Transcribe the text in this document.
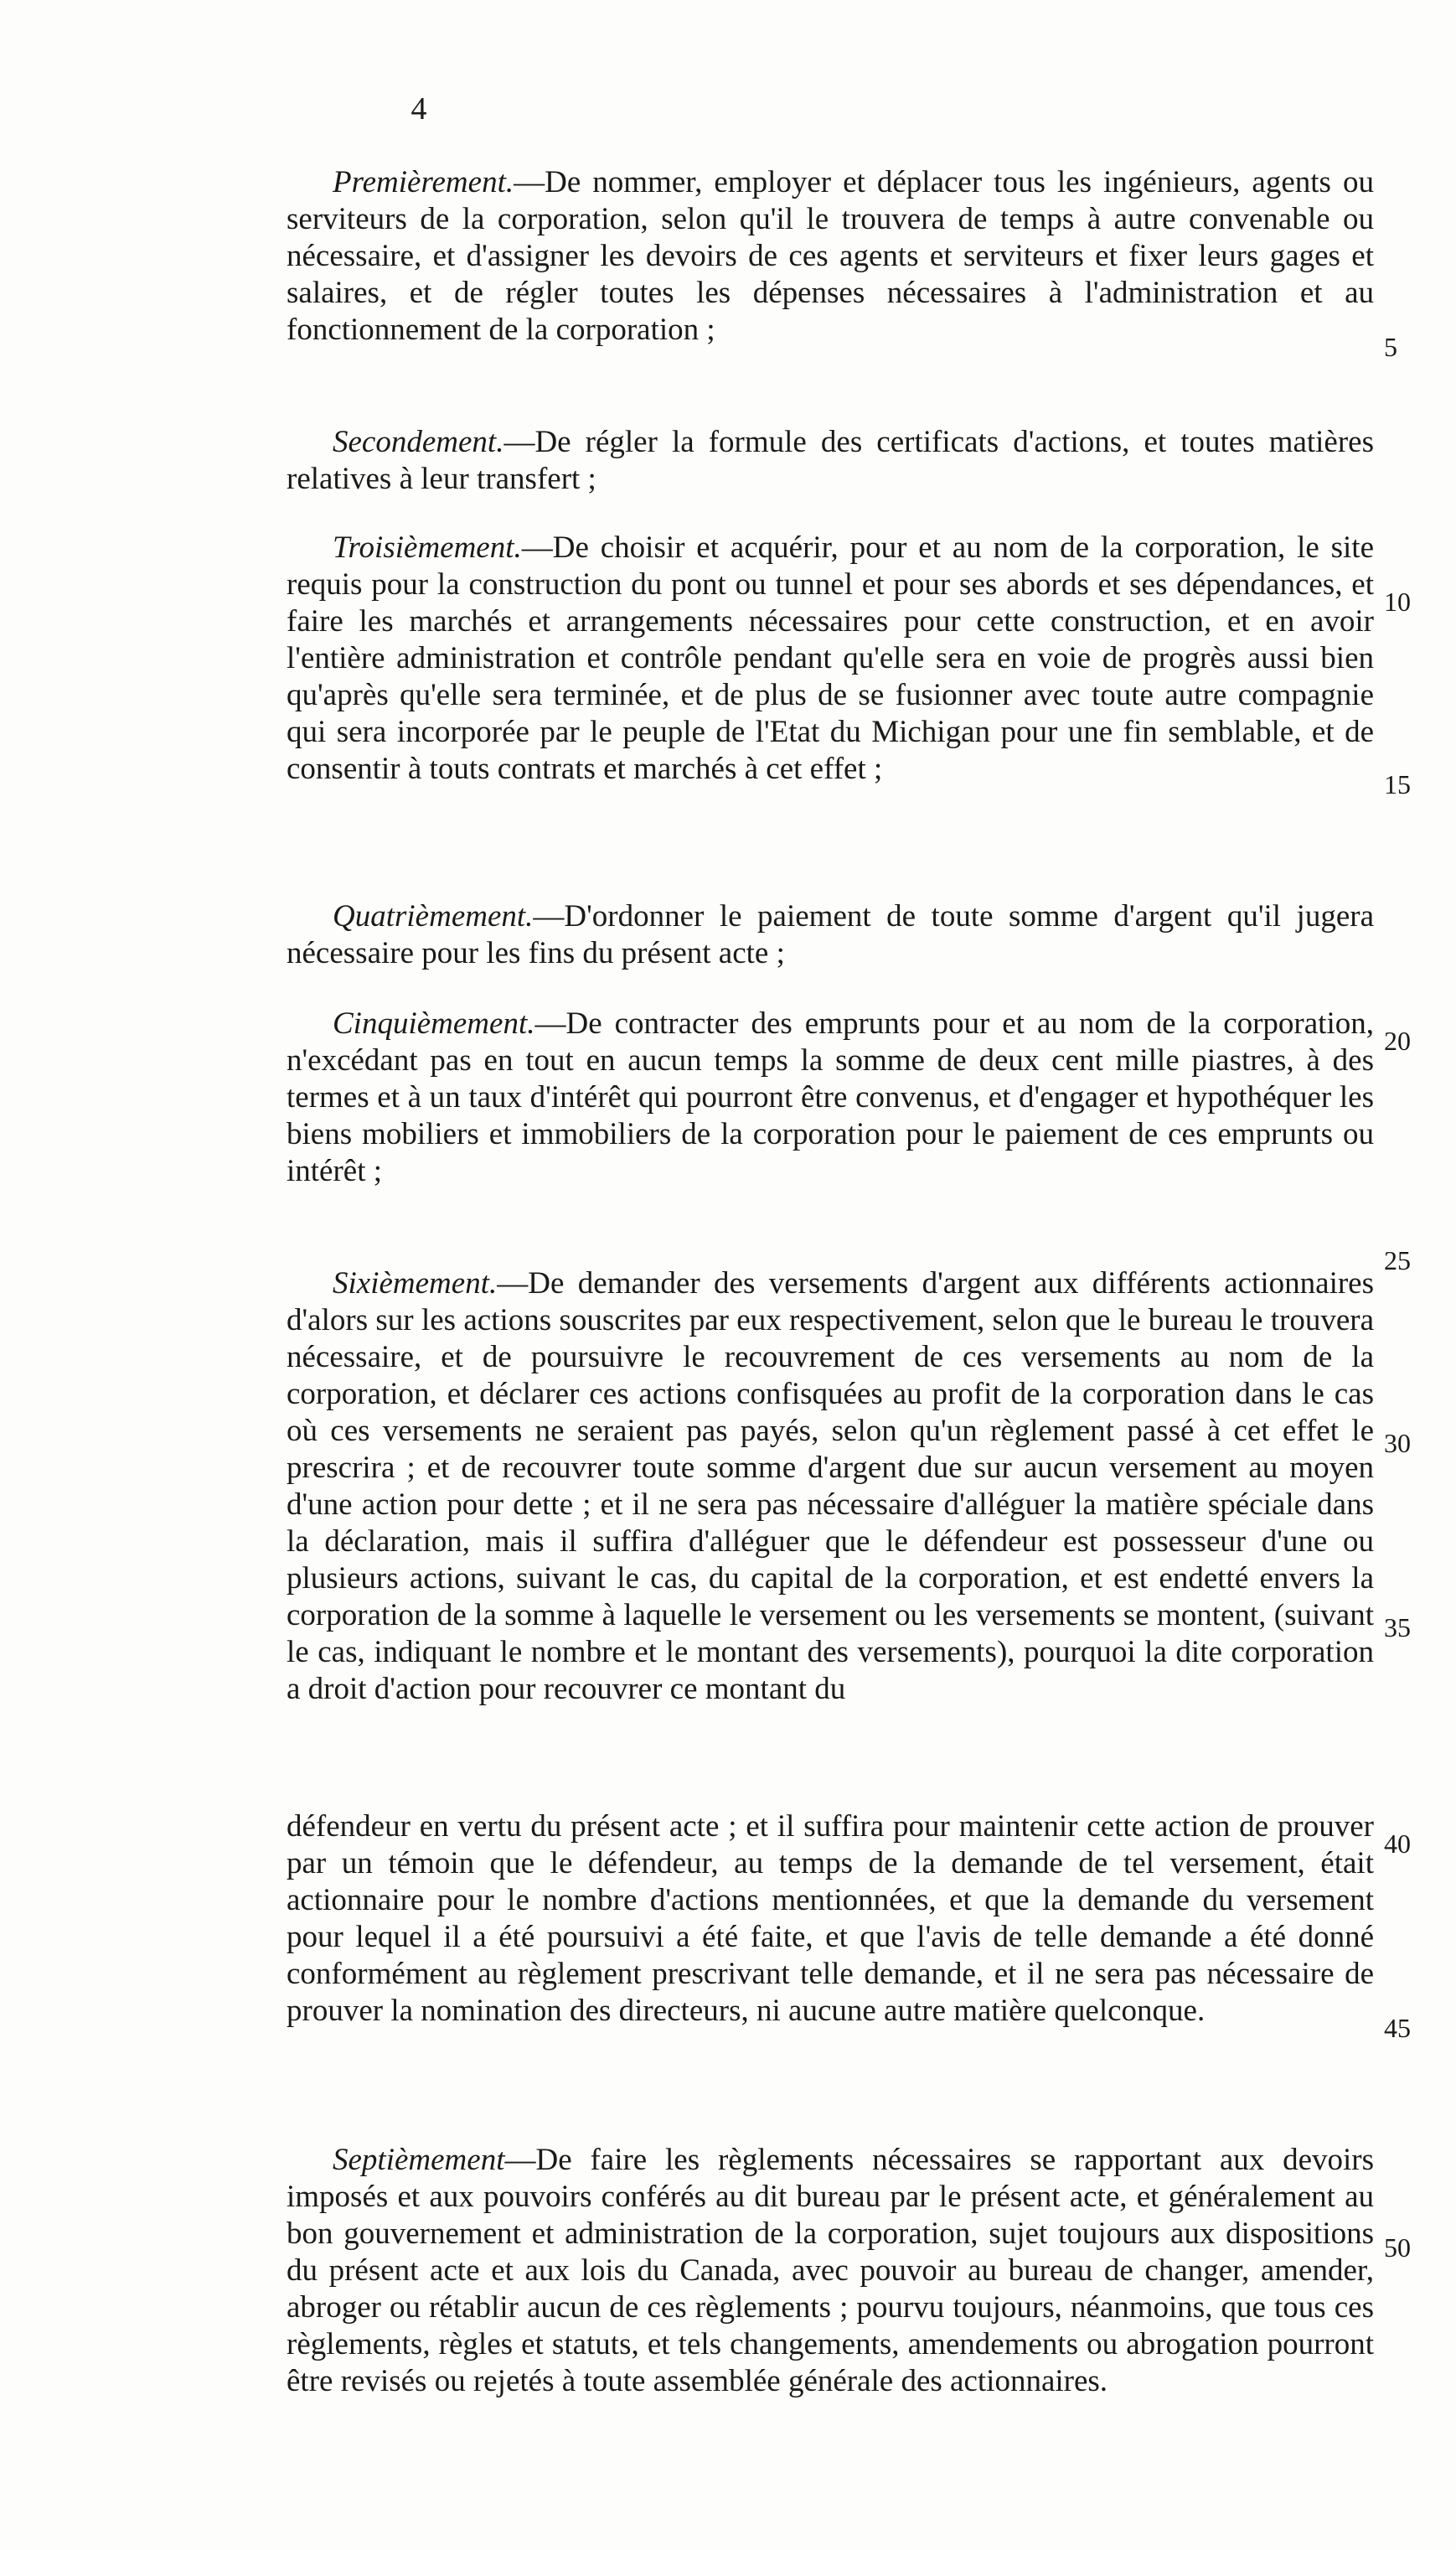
4

Premièrement.—De nommer, employer et déplacer tous les ingénieurs, agents ou serviteurs de la corporation, selon qu'il le trouvera de temps à autre convenable ou nécessaire, et d'assigner les devoirs de ces agents et serviteurs et fixer leurs gages et salaires, et de régler toutes les dépenses nécessaires à l'administration et au fonctionnement de la corporation ;

Secondement.—De régler la formule des certificats d'actions, et toutes matières relatives à leur transfert ;

Troisièmement.—De choisir et acquérir, pour et au nom de la corporation, le site requis pour la construction du pont ou tunnel et pour ses abords et ses dépendances, et faire les marchés et arrangements nécessaires pour cette construction, et en avoir l'entière administration et contrôle pendant qu'elle sera en voie de progrès aussi bien qu'après qu'elle sera terminée, et de plus de se fusionner avec toute autre compagnie qui sera incorporée par le peuple de l'Etat du Michigan pour une fin semblable, et de consentir à touts contrats et marchés à cet effet ;

Quatrièmement.—D'ordonner le paiement de toute somme d'argent qu'il jugera nécessaire pour les fins du présent acte ;

Cinquièmement.—De contracter des emprunts pour et au nom de la corporation, n'excédant pas en tout en aucun temps la somme de deux cent mille piastres, à des termes et à un taux d'intérêt qui pourront être convenus, et d'engager et hypothéquer les biens mobiliers et immobiliers de la corporation pour le paiement de ces emprunts ou intérêt ;

Sixièmement.—De demander des versements d'argent aux différents actionnaires d'alors sur les actions souscrites par eux respectivement, selon que le bureau le trouvera nécessaire, et de poursuivre le recouvrement de ces versements au nom de la corporation, et déclarer ces actions confisquées au profit de la corporation dans le cas où ces versements ne seraient pas payés, selon qu'un règlement passé à cet effet le prescrira ; et de recouvrer toute somme d'argent due sur aucun versement au moyen d'une action pour dette ; et il ne sera pas nécessaire d'alléguer la matière spéciale dans la déclaration, mais il suffira d'alléguer que le défendeur est possesseur d'une ou plusieurs actions, suivant le cas, du capital de la corporation, et est endetté envers la corporation de la somme à laquelle le versement ou les versements se montent, (suivant le cas, indiquant le nombre et le montant des versements), pourquoi la dite corporation a droit d'action pour recouvrer ce montant du

défendeur en vertu du présent acte ; et il suffira pour maintenir cette action de prouver par un témoin que le défendeur, au temps de la demande de tel versement, était actionnaire pour le nombre d'actions mentionnées, et que la demande du versement pour lequel il a été poursuivi a été faite, et que l'avis de telle demande a été donné conformément au règlement prescrivant telle demande, et il ne sera pas nécessaire de prouver la nomination des directeurs, ni aucune autre matière quelconque.

Septièmement—De faire les règlements nécessaires se rapportant aux devoirs imposés et aux pouvoirs conférés au dit bureau par le présent acte, et généralement au bon gouvernement et administration de la corporation, sujet toujours aux dispositions du présent acte et aux lois du Canada, avec pouvoir au bureau de changer, amender, abroger ou rétablir aucun de ces règlements ; pourvu toujours, néanmoins, que tous ces règlements, règles et statuts, et tels changements, amendements ou abrogation pourront être revisés ou rejetés à toute assemblée générale des actionnaires.

5
10
15
20
25
30
35
40
45
50
